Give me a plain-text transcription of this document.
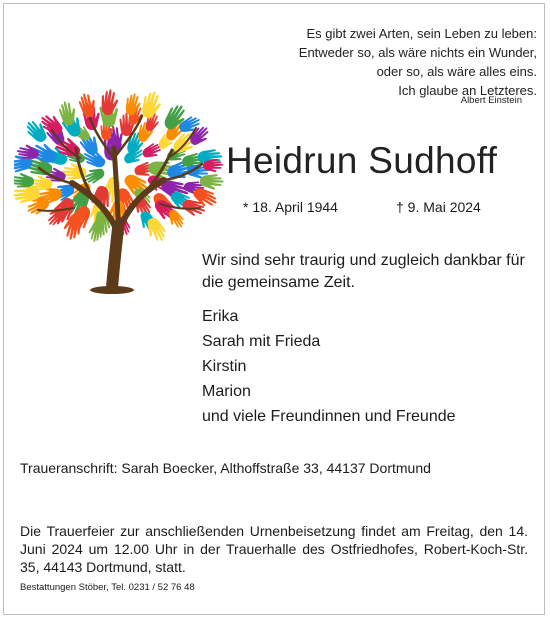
Es gibt zwei Arten, sein Leben zu leben:
Entweder so, als wäre nichts ein Wunder,
oder so, als wäre alles eins.
Ich glaube an Letzteres.
Albert Einstein
Heidrun Sudhoff
* 18. April 1944	† 9. Mai 2024
Wir sind sehr traurig und zugleich dankbar für die gemeinsame Zeit.
Erika
Sarah mit Frieda
Kirstin
Marion
und viele Freundinnen und Freunde
Traueranschrift: Sarah Boecker, Althoffstraße 33, 44137 Dortmund
Die Trauerfeier zur anschließenden Urnenbeisetzung findet am Freitag, den 14. Juni 2024 um 12.00 Uhr in der Trauerhalle des Ostfriedhofes, Robert-Koch-Str. 35, 44143 Dortmund, statt.
Bestattungen Stöber, Tel. 0231 / 52 76 48
